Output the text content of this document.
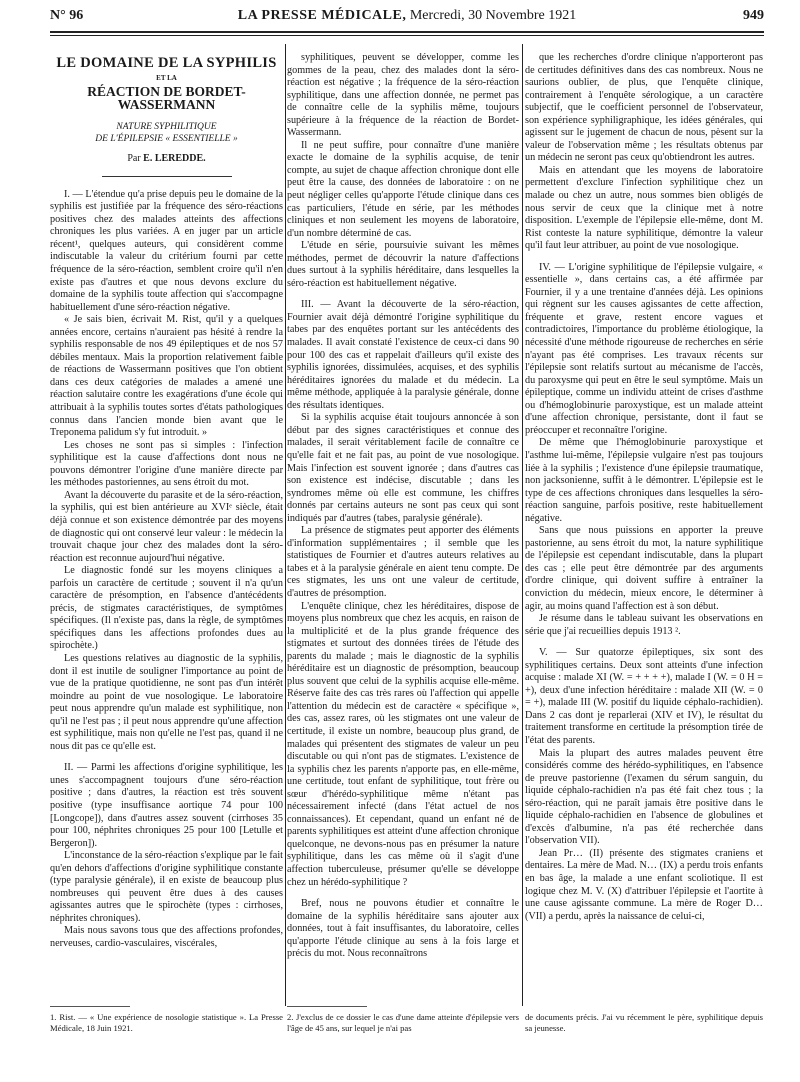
N° 96	LA PRESSE MÉDICALE, Mercredi, 30 Novembre 1921	949
LE DOMAINE DE LA SYPHILIS
ET LA
RÉACTION DE BORDET-WASSERMANN
NATURE SYPHILITIQUE
DE L'ÉPILEPSIE « ESSENTIELLE »
Par E. LEREDDE.

I. — L'étendue qu'a prise depuis peu le domaine de la syphilis est justifiée par la fréquence des séro-réactions positives chez des malades atteints des affections chroniques les plus variées. A en juger par un article récent¹, quelques auteurs, qui considèrent comme indiscutable la valeur du critérium fourni par cette fréquence de la séro-réaction, semblent croire qu'il n'en existe pas d'autres et que nous devons exclure du domaine de la syphilis toute affection qui s'accompagne habituellement d'une séro-réaction négative.

« Je sais bien, écrivait M. Rist, qu'il y a quelques années encore, certains n'auraient pas hésité à rendre la syphilis responsable de nos 49 épileptiques et de nos 57 débiles mentaux. Mais la proportion relativement faible de réactions de Wassermann positives que l'on obtient dans ces deux catégories de malades a amené une réaction salutaire contre les exagérations d'une école qui attribuait à la syphilis toutes sortes d'états pathologiques connus dans l'ancien monde bien avant que le Treponema palidum s'y fut introduit. »

Les choses ne sont pas si simples : l'infection syphilitique est la cause d'affections dont nous ne pouvons démontrer l'origine d'une manière directe par les méthodes pastoriennes, au sens étroit du mot.

Avant la découverte du parasite et de la séro-réaction, la syphilis, qui est bien antérieure au XVIᵉ siècle, était déjà connue et son existence démontrée par des moyens de diagnostic qui ont conservé leur valeur : le médecin la trouvait chaque jour chez des malades dont la séro-réaction est reconnue aujourd'hui négative.

Le diagnostic fondé sur les moyens cliniques a parfois un caractère de certitude ; souvent il n'a qu'un caractère de présomption, en l'absence d'antécédents précis, de stigmates caractéristiques, de symptômes spécifiques. (Il n'existe pas, dans la règle, de symptômes spécifiques dans les affections profondes dues au spirochète.)

Les questions relatives au diagnostic de la syphilis, dont il est inutile de souligner l'importance au point de vue de la pratique quotidienne, ne sont pas d'un intérêt moindre au point de vue nosologique. Le laboratoire peut nous apprendre qu'un malade est syphilitique, non qu'il ne l'est pas ; il peut nous apprendre qu'une affection est syphilitique, mais non qu'elle ne l'est pas, quand il ne nous dit pas ce qu'elle est.

II. — Parmi les affections d'origine syphilitique, les unes s'accompagnent toujours d'une séro-réaction positive ; dans d'autres, la réaction est très souvent positive (type insuffisance aortique 74 pour 100 [Longcope]), dans d'autres assez souvent (cirrhoses 35 pour 100, néphrites chroniques 25 pour 100 [Letulle et Bergeron]).

L'inconstance de la séro-réaction s'explique par le fait qu'en dehors d'affections d'origine syphilitique constante (type paralysie générale), il en existe de beaucoup plus nombreuses qui peuvent être dues à des causes agissantes autres que le spirochète (types : cirrhoses, néphrites chroniques).

Mais nous savons tous que des affections profondes, nerveuses, cardio-vasculaires, viscérales,

syphilitiques, peuvent se développer, comme les gommes de la peau, chez des malades dont la séro-réaction est négative ; la fréquence de la séro-réaction syphilitique, dans une affection donnée, ne permet pas de connaître celle de la syphilis même, toujours supérieure à la fréquence de la réaction de Bordet-Wassermann.

Il ne peut suffire, pour connaître d'une manière exacte le domaine de la syphilis acquise, de tenir compte, au sujet de chaque affection chronique dont elle peut être la cause, des données de laboratoire : on ne peut négliger celles qu'apporte l'étude clinique dans ces cas particuliers, l'étude en série, par les méthodes cliniques et non seulement les moyens de laboratoire, d'un nombre déterminé de cas.

L'étude en série, poursuivie suivant les mêmes méthodes, permet de découvrir la nature d'affections dues surtout à la syphilis héréditaire, dans lesquelles la séro-réaction est habituellement négative.

III. — Avant la découverte de la séro-réaction, Fournier avait déjà démontré l'origine syphilitique du tabes par des enquêtes portant sur les antécédents des malades. Il avait constaté l'existence de ceux-ci dans 90 pour 100 des cas et rappelait d'ailleurs qu'il existe des syphilis ignorées, dissimulées, acquises, et des syphilis héréditaires ignorées du malade et du médecin. La même méthode, appliquée à la paralysie générale, donne des résultats identiques.

Si la syphilis acquise était toujours annoncée à son début par des signes caractéristiques et connue des malades, il serait véritablement facile de connaître ce qu'elle fait et ne fait pas, au point de vue nosologique. Mais l'infection est souvent ignorée ; dans d'autres cas son existence est indécise, discutable ; dans les syndromes même où elle est commune, les chiffres donnés par certains auteurs ne sont pas ceux qui sont indiqués par d'autres (tabes, paralysie générale).

La présence de stigmates peut apporter des éléments d'information supplémentaires ; il semble que les statistiques de Fournier et d'autres auteurs relatives au tabes et à la paralysie générale en aient tenu compte. De ces stigmates, les uns ont une valeur de certitude, d'autres de présomption.

L'enquête clinique, chez les héréditaires, dispose de moyens plus nombreux que chez les acquis, en raison de la multiplicité et de la plus grande fréquence des stigmates et surtout des données tirées de l'étude des parents du malade ; mais le diagnostic de la syphilis héréditaire est un diagnostic de présomption, beaucoup plus souvent que celui de la syphilis acquise elle-même. Réserve faite des cas très rares où l'affection qui appelle l'attention du médecin est de caractère « spécifique », des cas, assez rares, où les stigmates ont une valeur de certitude, il existe un nombre, beaucoup plus grand, de malades qui présentent des stigmates de valeur un peu discutable ou qui n'ont pas de stigmates. L'existence de la syphilis chez les parents n'apporte pas, en elle-même, une certitude, tout enfant de syphilitique, tout frère ou sœur d'hérédo-syphilitique même n'étant pas nécessairement infecté (dans l'état actuel de nos connaissances). Et cependant, quand un enfant né de parents syphilitiques est atteint d'une affection chronique quelconque, ne devons-nous pas en présumer la nature syphilitique, dans les cas même où il s'agit d'une affection tuberculeuse, présumer qu'elle se développe chez un hérédo-syphilitique ?

Bref, nous ne pouvons étudier et connaître le domaine de la syphilis héréditaire sans ajouter aux données, tout à fait insuffisantes, du laboratoire, celles qu'apporte l'étude clinique au sens à la fois large et précis du mot. Nous reconnaîtrons

que les recherches d'ordre clinique n'apporteront pas de certitudes définitives dans des cas nombreux. Nous ne saurions oublier, de plus, que l'enquête clinique, contrairement à l'enquête sérologique, a un caractère subjectif, que le coefficient personnel de l'observateur, son expérience syphiligraphique, les idées générales, qui agissent sur le jugement de chacun de nous, pèsent sur la valeur de l'observation même ; les résultats obtenus par un médecin ne seront pas ceux qu'obtiendront les autres.

Mais en attendant que les moyens de laboratoire permettent d'exclure l'infection syphilitique chez un malade ou chez un autre, nous sommes bien obligés de nous servir de ceux que la clinique met à notre disposition. L'exemple de l'épilepsie elle-même, dont M. Rist conteste la nature syphilitique, démontre la valeur qu'il faut leur attribuer, au point de vue nosologique.

IV. — L'origine syphilitique de l'épilepsie vulgaire, « essentielle », dans certains cas, a été affirmée par Fournier, il y a une trentaine d'années déjà. Les opinions qui règnent sur les causes agissantes de cette affection, fréquente et grave, restent encore vagues et contradictoires, l'importance du problème étiologique, la nécessité d'une méthode rigoureuse de recherches en série n'ayant pas été comprises. Les travaux récents sur l'épilepsie sont relatifs surtout au mécanisme de l'accès, du paroxysme qui peut en être le seul symptôme. Mais un épileptique, comme un individu atteint de crises d'asthme ou d'hémoglobinurie paroxystique, est un malade atteint d'une affection chronique, persistante, dont il faut se préoccuper et reconnaître l'origine.

De même que l'hémoglobinurie paroxystique et l'asthme lui-même, l'épilepsie vulgaire n'est pas toujours liée à la syphilis ; l'existence d'une épilepsie traumatique, non jacksonienne, suffit à le démontrer. L'épilepsie est le type de ces affections chroniques dans lesquelles la séro-réaction sanguine, parfois positive, reste habituellement négative.

Sans que nous puissions en apporter la preuve pastorienne, au sens étroit du mot, la nature syphilitique de l'épilepsie est cependant indiscutable, dans la plupart des cas ; elle peut être démontrée par des arguments d'ordre clinique, qui doivent suffire à entraîner la conviction du médecin, mieux encore, le déterminer à agir, au moins quand l'affection est à son début.

Je résume dans le tableau suivant les observations en série que j'ai recueillies depuis 1913 ².

V. — Sur quatorze épileptiques, six sont des syphilitiques certains. Deux sont atteints d'une infection acquise : malade XI (W. = + + + +), malade I (W. = 0 H = +), deux d'une infection héréditaire : malade XII (W. = 0 = +), malade III (W. positif du liquide céphalo-rachidien). Dans 2 cas dont je reparlerai (XIV et IV), le résultat du traitement transforme en certitude la présomption tirée de l'état des parents.

Mais la plupart des autres malades peuvent être considérés comme des hérédo-syphilitiques, en l'absence de preuve pastorienne (l'examen du sérum sanguin, du liquide céphalo-rachidien n'a pas été fait chez tous ; la séro-réaction, qui ne paraît jamais être positive dans le liquide céphalo-rachidien en l'absence de globulines et d'excès d'albumine, n'a pas été recherchée dans l'observation VII).

Jean Pr… (II) présente des stigmates craniens et dentaires. La mère de Mad. N… (IX) a perdu trois enfants en bas âge, la malade a une enfant scoliotique. Il est logique chez M. V. (X) d'attribuer l'épilepsie et l'aortite à une cause agissante commune. La mère de Roger D… (VII) a perdu, après la naissance de celui-ci,

1. Rist. — « Une expérience de nosologie statistique ». La Presse Médicale, 18 Juin 1921.

2. J'exclus de ce dossier le cas d'une dame atteinte d'épilepsie vers l'âge de 45 ans, sur lequel je n'ai pas

de documents précis. J'ai vu récemment le père, syphilitique depuis sa jeunesse.
